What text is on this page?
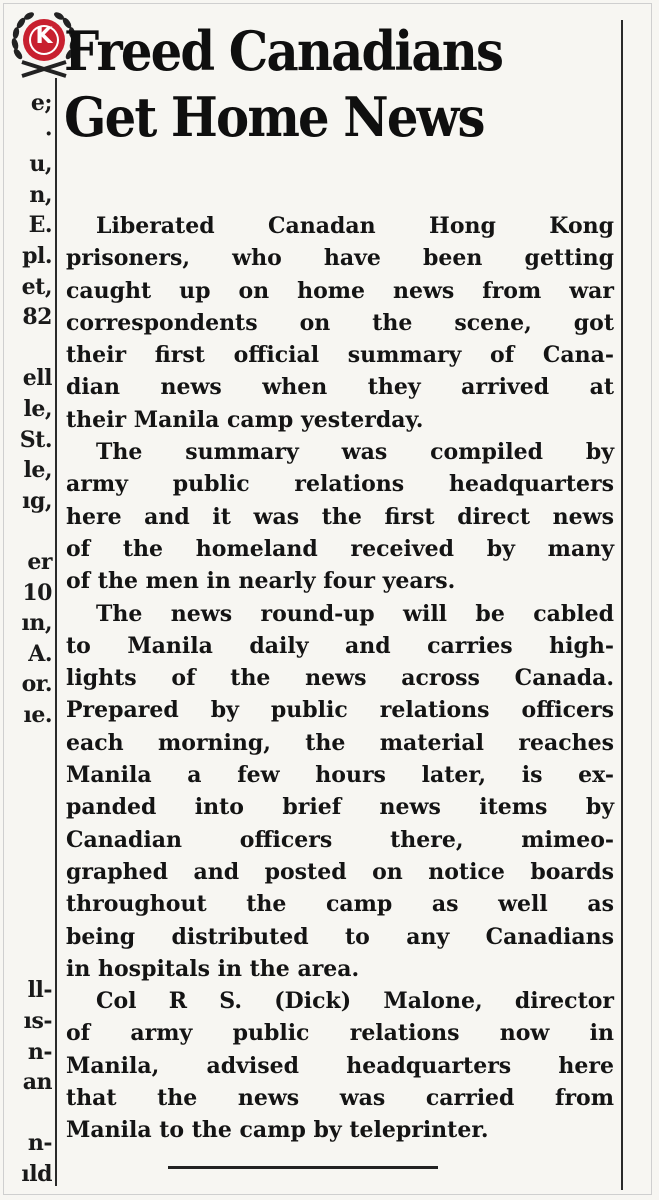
K
e;
·
u,
n,
E.
pl.
et,
82
ell
le,
St.
le,
ıg,
er
10
ın,
A.
or.
ıe.
ll-
ıs-
n-
an
n-
ıld
Freed Canadians
Get Home News
Liberated Canadan Hong Kong
prisoners, who have been getting
caught up on home news from war
correspondents on the scene, got
their first official summary of Cana-
dian news when they arrived at
their Manila camp yesterday.
The summary was compiled by
army public relations headquarters
here and it was the first direct news
of the homeland received by many
of the men in nearly four years.
The news round-up will be cabled
to Manila daily and carries high-
lights of the news across Canada.
Prepared by public relations officers
each morning, the material reaches
Manila a few hours later, is ex-
panded into brief news items by
Canadian officers there, mimeo-
graphed and posted on notice boards
throughout the camp as well as
being distributed to any Canadians
in hospitals in the area.
Col R S. (Dick) Malone, director
of army public relations now in
Manila, advised headquarters here
that the news was carried from
Manila to the camp by teleprinter.
